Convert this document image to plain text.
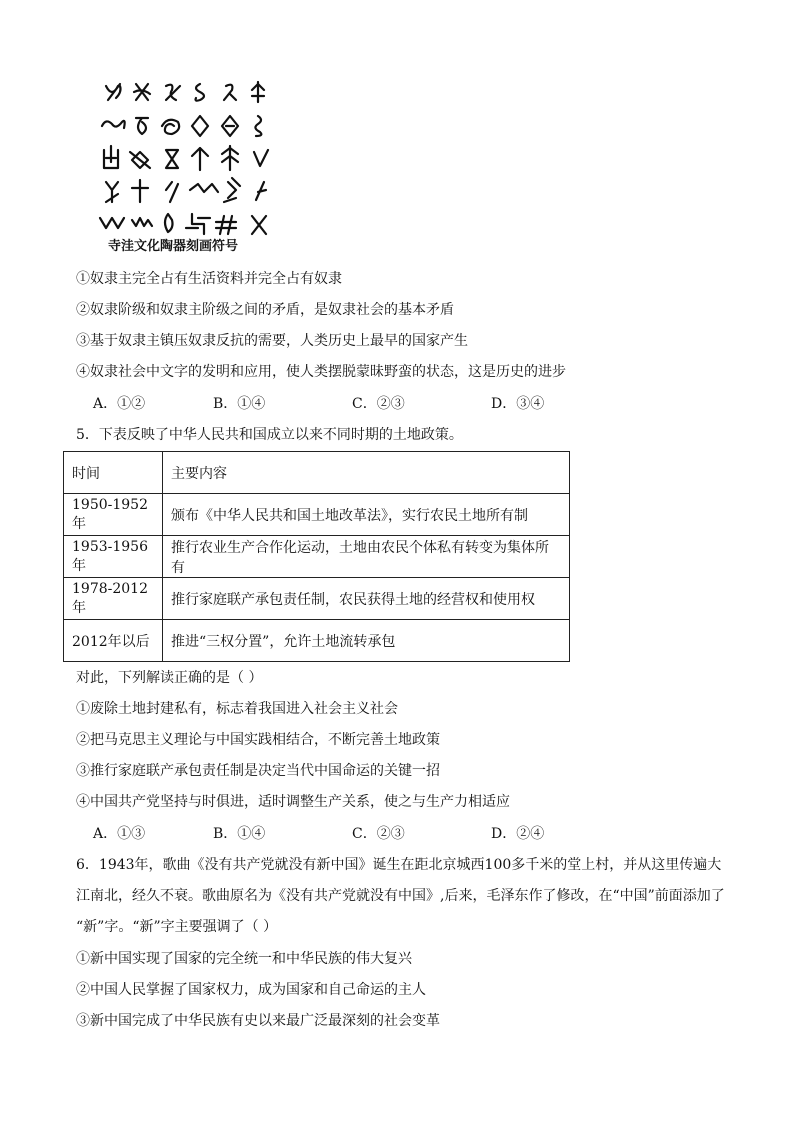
寺洼文化陶器刻画符号
①奴隶主完全占有生活资料并完全占有奴隶
②奴隶阶级和奴隶主阶级之间的矛盾，是奴隶社会的基本矛盾
③基于奴隶主镇压奴隶反抗的需要，人类历史上最早的国家产生
④奴隶社会中文字的发明和应用，使人类摆脱蒙昧野蛮的状态，这是历史的进步
A．①②	B．①④	C．②③	D．③④
5．下表反映了中华人民共和国成立以来不同时期的土地政策。
时间	主要内容
1950-1952年	颁布《中华人民共和国土地改革法》，实行农民土地所有制
1953-1956年	推行农业生产合作化运动，土地由农民个体私有转变为集体所有
1978-2012年	推行家庭联产承包责任制，农民获得土地的经营权和使用权
2012年以后	推进“三权分置”，允许土地流转承包
对此，下列解读正确的是（ ）
①废除土地封建私有，标志着我国进入社会主义社会
②把马克思主义理论与中国实践相结合，不断完善土地政策
③推行家庭联产承包责任制是决定当代中国命运的关键一招
④中国共产党坚持与时俱进，适时调整生产关系，使之与生产力相适应
A．①③	B．①④	C．②③	D．②④
6．1943年，歌曲《没有共产党就没有新中国》诞生在距北京城西100多千米的堂上村，并从这里传遍大
江南北，经久不衰。歌曲原名为《没有共产党就没有中国》,后来，毛泽东作了修改，在“中国”前面添加了
“新”字。“新”字主要强调了（ ）
①新中国实现了国家的完全统一和中华民族的伟大复兴
②中国人民掌握了国家权力，成为国家和自己命运的主人
③新中国完成了中华民族有史以来最广泛最深刻的社会变革
